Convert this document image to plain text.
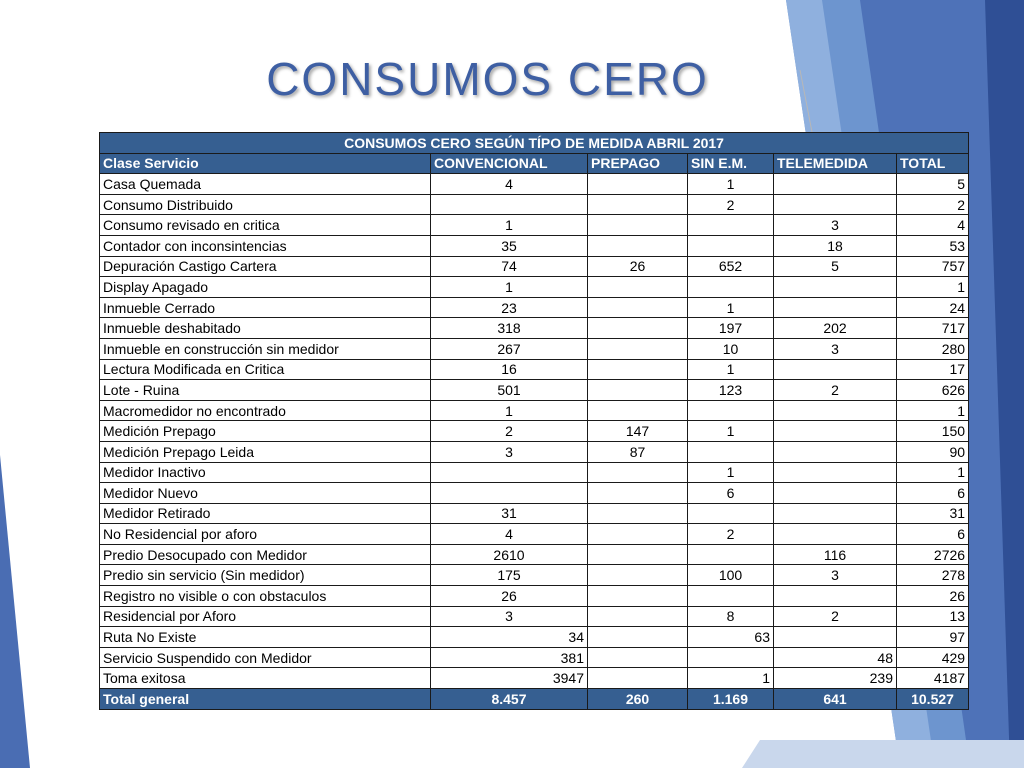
CONSUMOS CERO
CONSUMOS CERO SEGÚN TÍPO DE MEDIDA ABRIL 2017					
Clase Servicio	CONVENCIONAL	PREPAGO	SIN E.M.	TELEMEDIDA	TOTAL
Casa Quemada	4		1		5
Consumo Distribuido			2		2
Consumo revisado en critica	1			3	4
Contador con inconsintencias	35			18	53
Depuración Castigo Cartera	74	26	652	5	757
Display Apagado	1				1
Inmueble Cerrado	23		1		24
Inmueble deshabitado	318		197	202	717
Inmueble en construcción sin medidor	267		10	3	280
Lectura Modificada en Critica	16		1		17
Lote - Ruina	501		123	2	626
Macromedidor no encontrado	1				1
Medición Prepago	2	147	1		150
Medición Prepago Leida	3	87			90
Medidor Inactivo			1		1
Medidor Nuevo			6		6
Medidor Retirado	31				31
No Residencial por aforo	4		2		6
Predio Desocupado con Medidor	2610			116	2726
Predio sin servicio (Sin medidor)	175		100	3	278
Registro no visible o con obstaculos	26				26
Residencial por Aforo	3		8	2	13
Ruta No Existe	34		63		97
Servicio Suspendido con Medidor	381			48	429
Toma exitosa	3947		1	239	4187
Total general	8.457	260	1.169	641	10.527
